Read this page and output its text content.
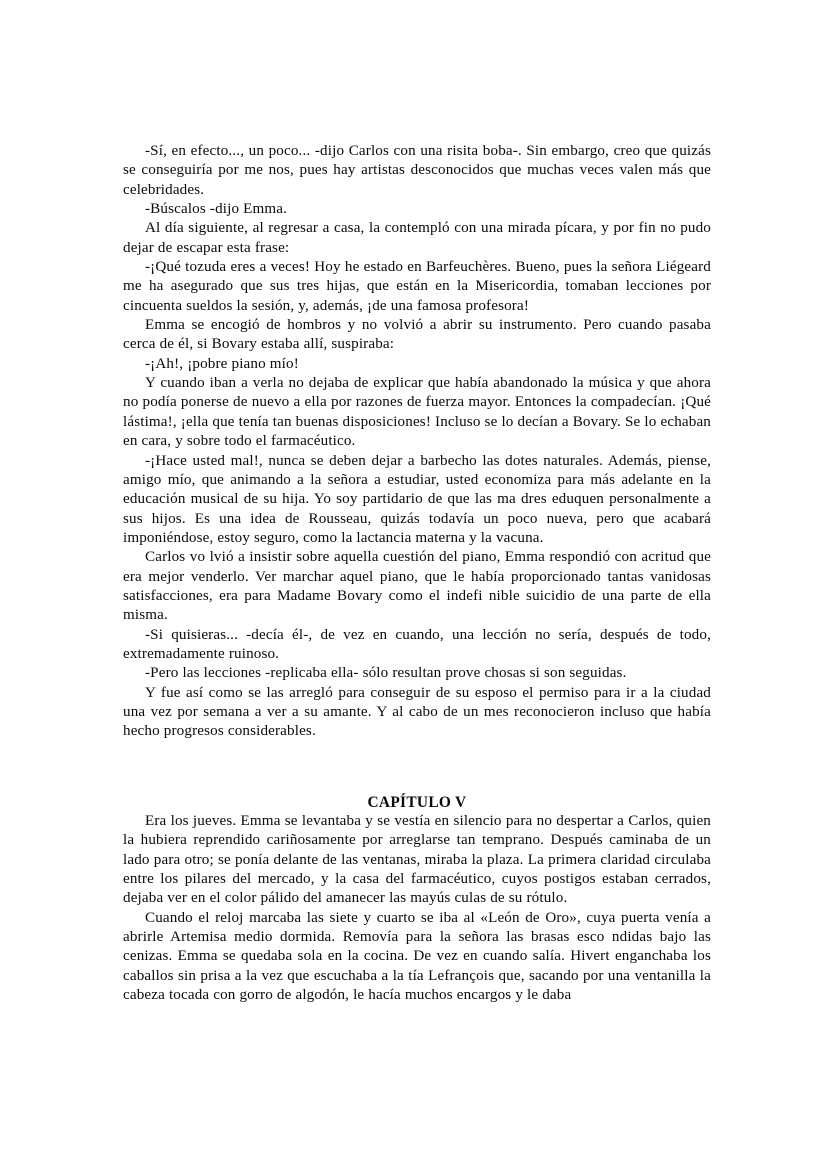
-Sí, en efecto..., un poco... -dijo Carlos con una risita boba-. Sin embargo, creo que quizás se conseguiría por me nos, pues hay artistas desconocidos que muchas veces valen más que celebridades.

-Búscalos -dijo Emma.

Al día siguiente, al regresar a casa, la contempló con una mirada pícara, y por fin no pudo dejar de escapar esta frase:

-¡Qué tozuda eres a veces! Hoy he estado en Barfeuchères. Bueno, pues la señora Liégeard me ha asegurado que sus tres hijas, que están en la Misericordia, tomaban lecciones por cincuenta sueldos la sesión, y, además, ¡de una famosa profesora!

Emma se encogió de hombros y no volvió a abrir su instrumento. Pero cuando pasaba cerca de él, si Bovary estaba allí, suspiraba:

-¡Ah!, ¡pobre piano mío!

Y cuando iban a verla no dejaba de explicar que había abandonado la música y que ahora no podía ponerse de nuevo a ella por razones de fuerza mayor. Entonces la compadecían. ¡Qué lástima!, ¡ella que tenía tan buenas disposiciones! Incluso se lo decían a Bovary. Se lo echaban en cara, y sobre todo el farmacéutico.

-¡Hace usted mal!, nunca se deben dejar a barbecho las dotes naturales. Además, piense, amigo mío, que animando a la señora a estudiar, usted economiza para más adelante en la educación musical de su hija. Yo soy partidario de que las ma dres eduquen personalmente a sus hijos. Es una idea de Rousseau, quizás todavía un poco nueva, pero que acabará imponiéndose, estoy seguro, como la lactancia materna y la vacuna.

Carlos vo lvió a insistir sobre aquella cuestión del piano, Emma respondió con acritud que era mejor venderlo. Ver marchar aquel piano, que le había proporcionado tantas vanidosas satisfacciones, era para Madame Bovary como el indefi nible suicidio de una parte de ella misma.

-Si quisieras... -decía él-, de vez en cuando, una lección no sería, después de todo, extremadamente ruinoso.

-Pero las lecciones -replicaba ella- sólo resultan prove chosas si son seguidas.

Y fue así como se las arregló para conseguir de su esposo el permiso para ir a la ciudad una vez por semana a ver a su amante. Y al cabo de un mes reconocieron incluso que había hecho progresos considerables.

CAPÍTULO V

Era los jueves. Emma se levantaba y se vestía en silencio para no despertar a Carlos, quien la hubiera reprendido cariñosamente por arreglarse tan temprano. Después caminaba de un lado para otro; se ponía delante de las ventanas, miraba la plaza. La primera claridad circulaba entre los pilares del mercado, y la casa del farmacéutico, cuyos postigos estaban cerrados, dejaba ver en el color pálido del amanecer las mayús culas de su rótulo.

Cuando el reloj marcaba las siete y cuarto se iba al «León de Oro», cuya puerta venía a abrirle Artemisa medio dormida. Removía para la señora las brasas esco ndidas bajo las cenizas. Emma se quedaba sola en la cocina. De vez en cuando salía. Hivert enganchaba los caballos sin prisa a la vez que escuchaba a la tía Lefrançois que, sacando por una ventanilla la cabeza tocada con gorro de algodón, le hacía muchos encargos y le daba
